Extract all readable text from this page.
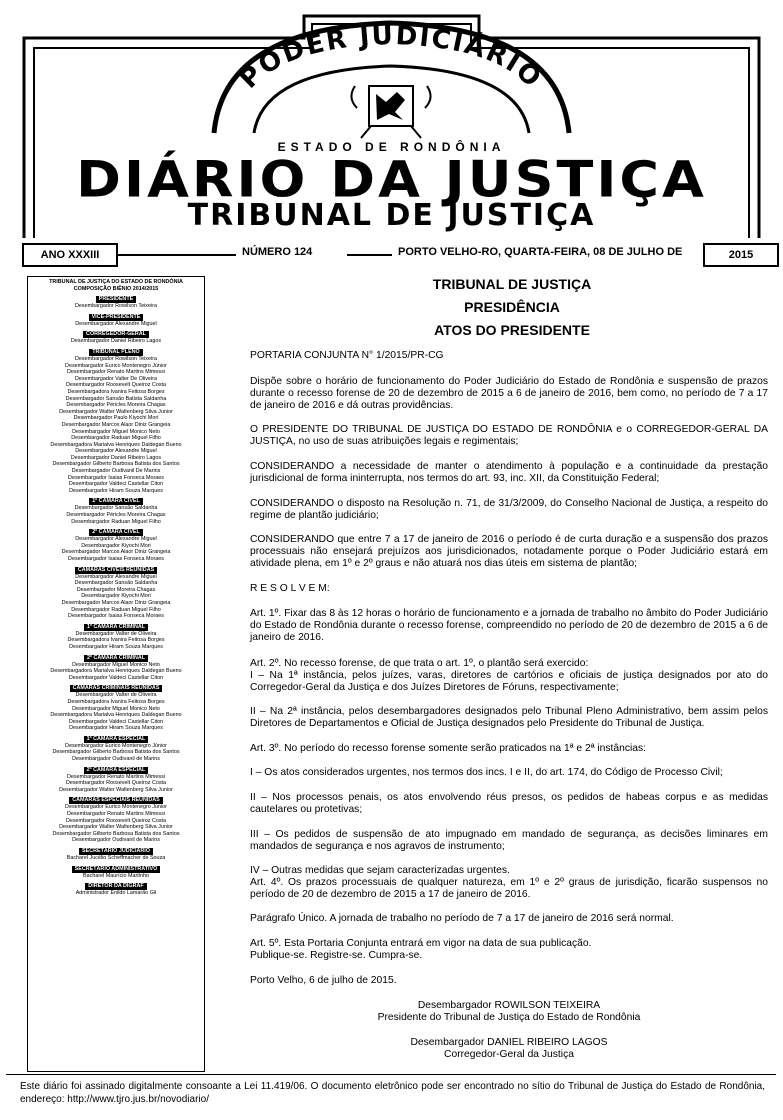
PODER JUDICIÁRIO
ESTADO DE RONDÔNIA
DIÁRIO DA JUSTIÇA
TRIBUNAL DE JUSTIÇA
ANO XXXIII	NÚMERO 124	PORTO VELHO-RO, QUARTA-FEIRA, 08 DE JULHO DE	2015
TRIBUNAL DE JUSTIÇA DO ESTADO DE RONDÔNIA
COMPOSIÇÃO BIÊNIO 2014/2015
PRESIDENTE
Desembargador Rowilson Teixeira
VICE-PRESIDENTE
Desembargador Alexandre Miguel
CORREGEDOR-GERAL
Desembargador Daniel Ribeiro Lagos
TRIBUNAL PLENO
Desembargador Rowilson Teixeira
Desembargador Eurico Montenegro Júnior
Desembargador Renato Martins Mimessi
Desembargador Valter De Oliveira
Desembargador Roosevelt Queiroz Costa
Desembargadora Ivanira Feitosa Borges
Desembargador Sansão Batista Saldanha
Desembargador Péricles Moreira Chagas
Desembargador Walter Waltenberg Silva Junior
Desembargador Paulo Kiyochi Mori
Desembargador Marcos Alaor Diniz Grangeia
Desembargador Miguel Monico Neto
Desembargador Raduan Miguel Filho
Desembargadora Marialva Henriques Daldegan Bueno
Desembargador Alexandre Miguel
Desembargador Daniel Ribeiro Lagos
Desembargador Gilberto Barbosa Batista dos Santos
Desembargador Oudivanil De Marins
Desembargador Isaias Fonseca Moraes
Desembargador Valdeci Castellar Citon
Desembargador Hiram Souza Marques
1ª CÂMARA CÍVEL
Desembargador Sansão Saldanha
Desembargador Péricles Moreira Chagas
Desembargador Raduan Miguel Filho
2ª CÂMARA CÍVEL
Desembargador Alexandre Miguel
Desembargador Kiyochi Mori
Desembargador Marcos Alaor Diniz Grangeia
Desembargador Isaias Fonseca Moraes
CÂMARAS CÍVEIS REUNIDAS
Desembargador Alexandre Miguel
Desembargador Sansão Saldanha
Desembargador Moreira Chagas
Desembargador Kiyochi Mori
Desembargador Marcos Alaor Diniz Grangeia
Desembargador Raduan Miguel Filho
Desembargador Isaias Fonseca Moraes
1ª CÂMARA CRIMINAL
Desembargador Valter de Oliveira
Desembargadora Ivanira Feitosa Borges
Desembargador Hiram Souza Marques
2ª CÂMARA CRIMINAL
Desembargador Miguel Monico Neto
Desembargadora Marialva Henriques Daldegan Bueno
Desembargador Valdeci Castellar Citon
CÂMARAS CRIMINAIS REUNIDAS
Desembargador Valter de Oliveira
Desembargadora Ivanira Feitosa Borges
Desembargador Miguel Monico Neto
Desembargadora Marialva Henriques Daldegan Bueno
Desembargador Valdeci Castellar Citon
Desembargador Hiram Souza Marques
1ª CÂMARA ESPECIAL
Desembargador Eurico Montenegro Júnior
Desembargador Gilberto Barbosa Batista dos Santos
Desembargador Oudivanil de Marins
2ª CÂMARA ESPECIAL
Desembargador Renato Martins Mimessi
Desembargador Roosevelt Queiroz Costa
Desembargador Walter Waltenberg Silva Junior
CÂMARAS ESPECIAIS REUNIDAS
Desembargador Eurico Montenegro Júnior
Desembargador Renato Martins Mimessi
Desembargador Roosevelt Queiroz Costa
Desembargador Walter Waltenberg Silva Junior
Desembargador Gilberto Barbosa Batista dos Santos
Desembargador Oudivanil de Marins
SECRETÁRIO JUDICIÁRIO
Bacharel Jucélio Scheffmacher de Souza
SECRETÁRIO ADMINISTRATIVO
Bacharel Maurício Martinho
DIRETOR DA DIGRAF
Administrador Enildo Lamarão Gil
TRIBUNAL DE JUSTIÇA
PRESIDÊNCIA
ATOS DO PRESIDENTE

PORTARIA CONJUNTA N° 1/2015/PR-CG

Dispõe sobre o horário de funcionamento do Poder Judiciário do Estado de Rondônia e suspensão de prazos durante o recesso forense de 20 de dezembro de 2015 a 6 de janeiro de 2016, bem como, no período de 7 a 17 de janeiro de 2016 e dá outras providências.

O PRESIDENTE DO TRIBUNAL DE JUSTIÇA DO ESTADO DE RONDÔNIA e o CORREGEDOR-GERAL DA JUSTIÇA, no uso de suas atribuições legais e regimentais;

CONSIDERANDO a necessidade de manter o atendimento à população e a continuidade da prestação jurisdicional de forma ininterrupta, nos termos do art. 93, inc. XII, da Constituição Federal;

CONSIDERANDO o disposto na Resolução n. 71, de 31/3/2009, do Conselho Nacional de Justiça, a respeito do regime de plantão judiciário;

CONSIDERANDO que entre 7 a 17 de janeiro de 2016 o período é de curta duração e a suspensão dos prazos processuais não ensejará prejuízos aos jurisdicionados, notadamente porque o Poder Judiciário estará em atividade plena, em 1º e 2º graus e não atuará nos dias úteis em sistema de plantão;

R E S O L V E M:

Art. 1º. Fixar das 8 às 12 horas o horário de funcionamento e a jornada de trabalho no âmbito do Poder Judiciário do Estado de Rondônia durante o recesso forense, compreendido no período de 20 de dezembro de 2015 a 6 de janeiro de 2016.

Art. 2º. No recesso forense, de que trata o art. 1º, o plantão será exercido:

I – Na 1ª instância, pelos juízes, varas, diretores de cartórios e oficiais de justiça designados por ato do Corregedor-Geral da Justiça e dos Juízes Diretores de Fóruns, respectivamente;

II – Na 2ª instância, pelos desembargadores designados pelo Tribunal Pleno Administrativo, bem assim pelos Diretores de Departamentos e Oficial de Justiça designados pelo Presidente do Tribunal de Justiça.

Art. 3º. No período do recesso forense somente serão praticados na 1ª e 2ª instâncias:

I – Os atos considerados urgentes, nos termos dos incs. I e II, do art. 174, do Código de Processo Civil;

II – Nos processos penais, os atos envolvendo réus presos, os pedidos de habeas corpus e as medidas cautelares ou protetivas;

III – Os pedidos de suspensão de ato impugnado em mandado de segurança, as decisões liminares em mandados de segurança e nos agravos de instrumento;

IV – Outras medidas que sejam caracterizadas urgentes.

Art. 4º. Os prazos processuais de qualquer natureza, em 1º e 2º graus de jurisdição, ficarão suspensos no período de 20 de dezembro de 2015 a 17 de janeiro de 2016.

Parágrafo Único. A jornada de trabalho no período de 7 a 17 de janeiro de 2016 será normal.

Art. 5º. Esta Portaria Conjunta entrará em vigor na data de sua publicação.

Publique-se. Registre-se. Cumpra-se.

Porto Velho, 6 de julho de 2015.

Desembargador ROWILSON TEIXEIRA

Presidente do Tribunal de Justiça do Estado de Rondônia

Desembargador DANIEL RIBEIRO LAGOS

Corregedor-Geral da Justiça

Este diário foi assinado digitalmente consoante a Lei 11.419/06. O documento eletrônico pode ser encontrado no sítio do Tribunal de Justiça do Estado de Rondônia, endereço: http://www.tjro.jus.br/novodiario/
